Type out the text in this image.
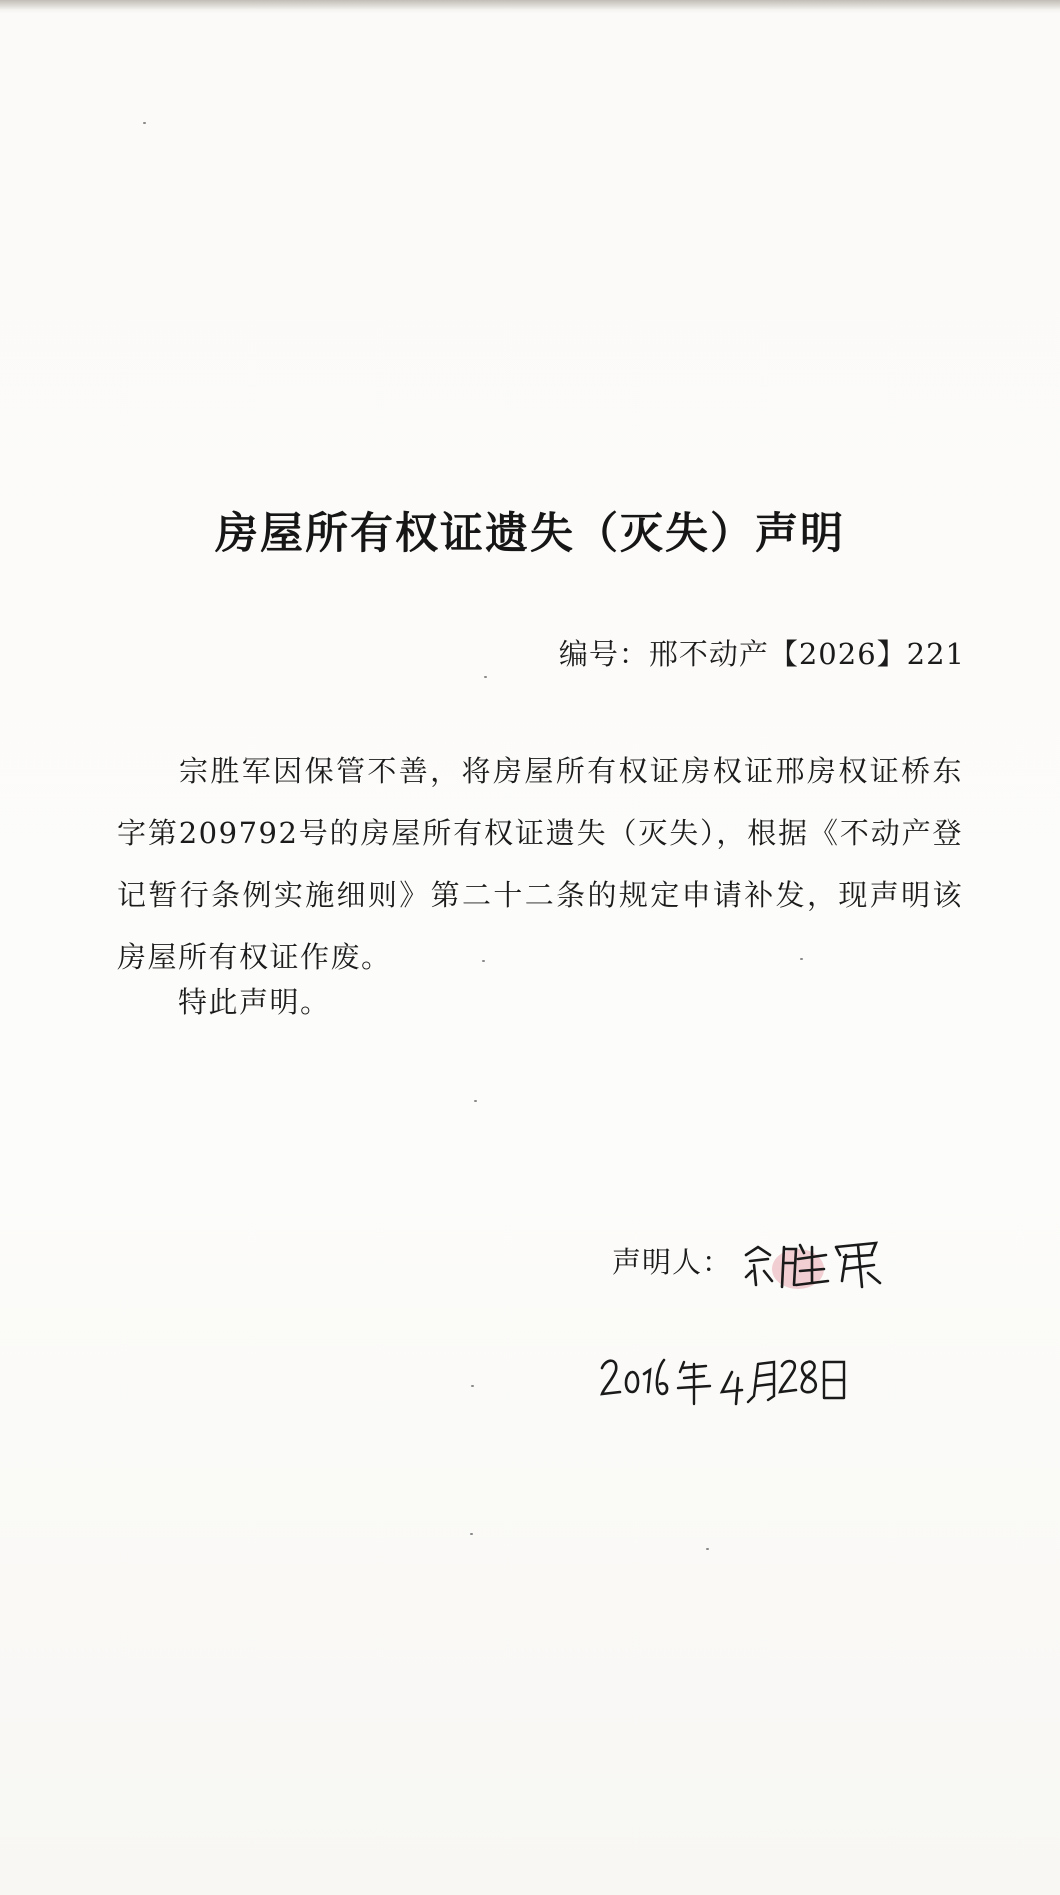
房屋所有权证遗失（灭失）声明
编号：邢不动产【2026】221

宗胜军因保管不善，将房屋所有权证房权证邢房权证桥东字第209792号的房屋所有权证遗失（灭失），根据《不动产登记暂行条例实施细则》第二十二条的规定申请补发，现声明该房屋所有权证作废。

特此声明。
声明人：
